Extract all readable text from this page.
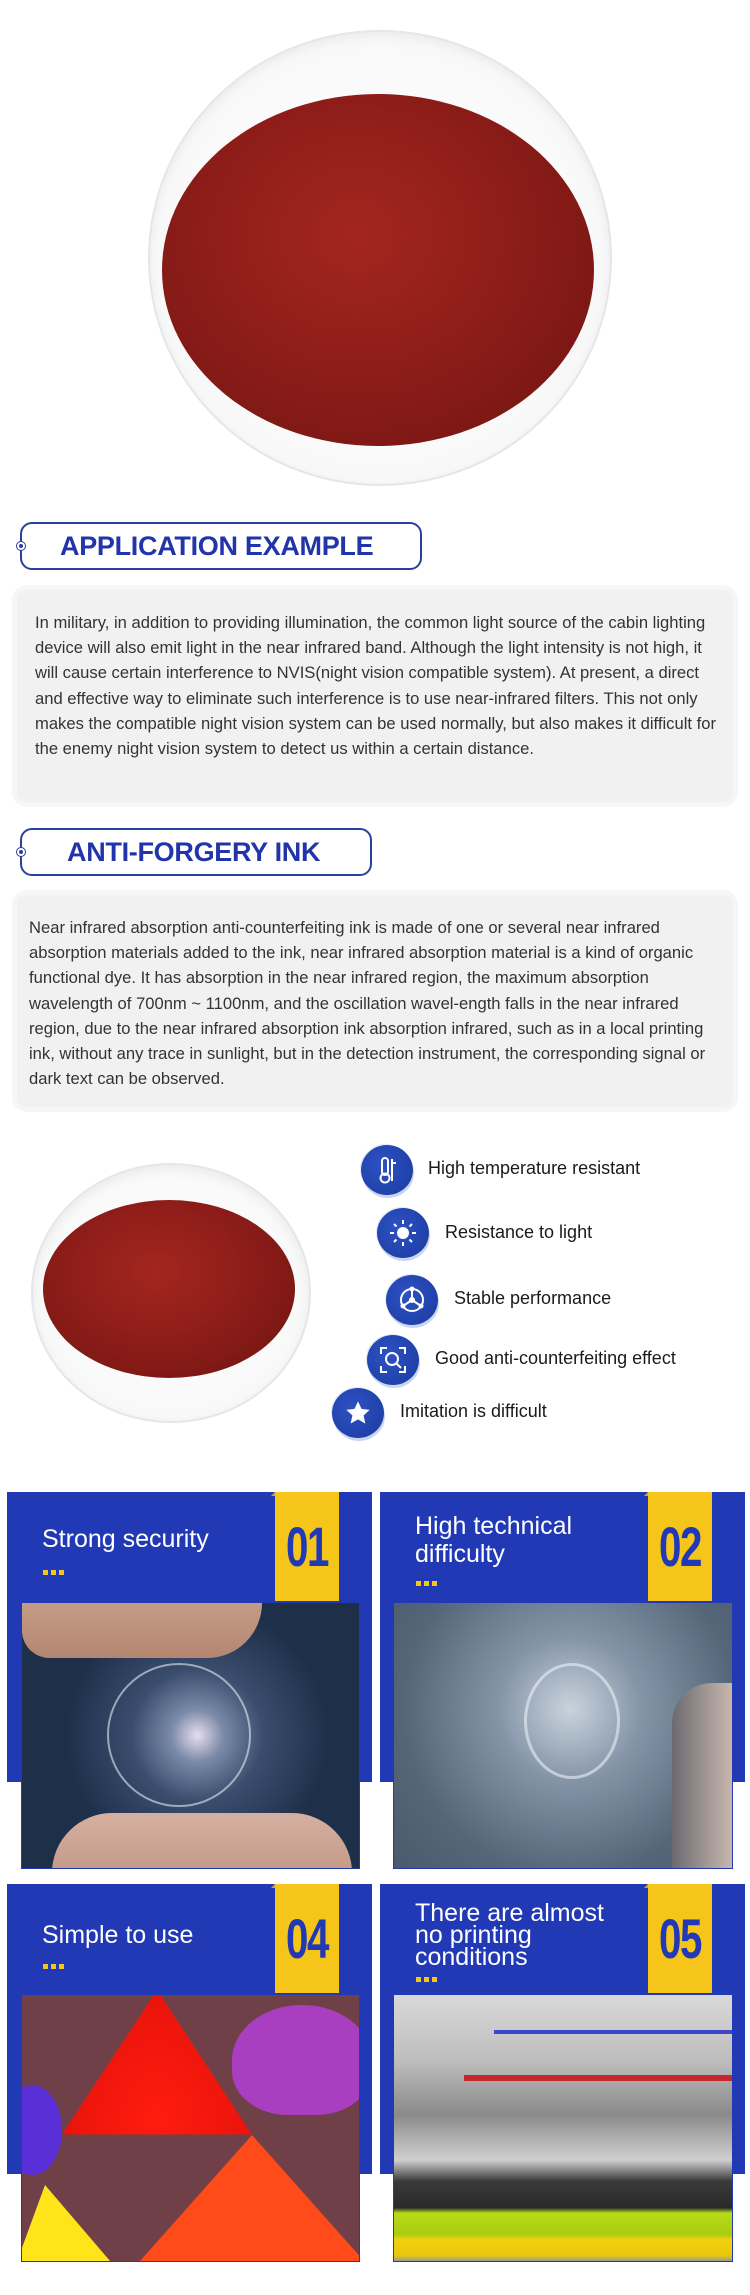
APPLICATION EXAMPLE

In military, in addition to providing illumination, the common light source of the cabin lighting device will also emit light in the near infrared band. Although the light intensity is not high, it will cause certain interference to NVIS(night vision compatible system). At present, a direct and effective way to eliminate such interference is to use near-infrared filters. This not only makes the compatible night vision system can be used normally, but also makes it difficult for the enemy night vision system to detect us within a certain distance.

ANTI-FORGERY INK

Near infrared absorption anti-counterfeiting ink is made of one or several near infrared absorption materials added to the ink, near infrared absorption material is a kind of organic functional dye. It has absorption in the near infrared region, the maximum absorption wavelength of 700nm ~ 1100nm, and the oscillation wavel-ength falls in the near infrared region, due to the near infrared absorption ink absorption infrared, such as in a local printing ink, without any trace in sunlight, but in the detection instrument, the corresponding signal or dark text can be observed.

High temperature resistant
Resistance to light
Stable performance
Good anti-counterfeiting effect
Imitation is difficult
01
Strong security	02
High technical difficulty
04
Simple to use	05
There are almost no printing conditions
